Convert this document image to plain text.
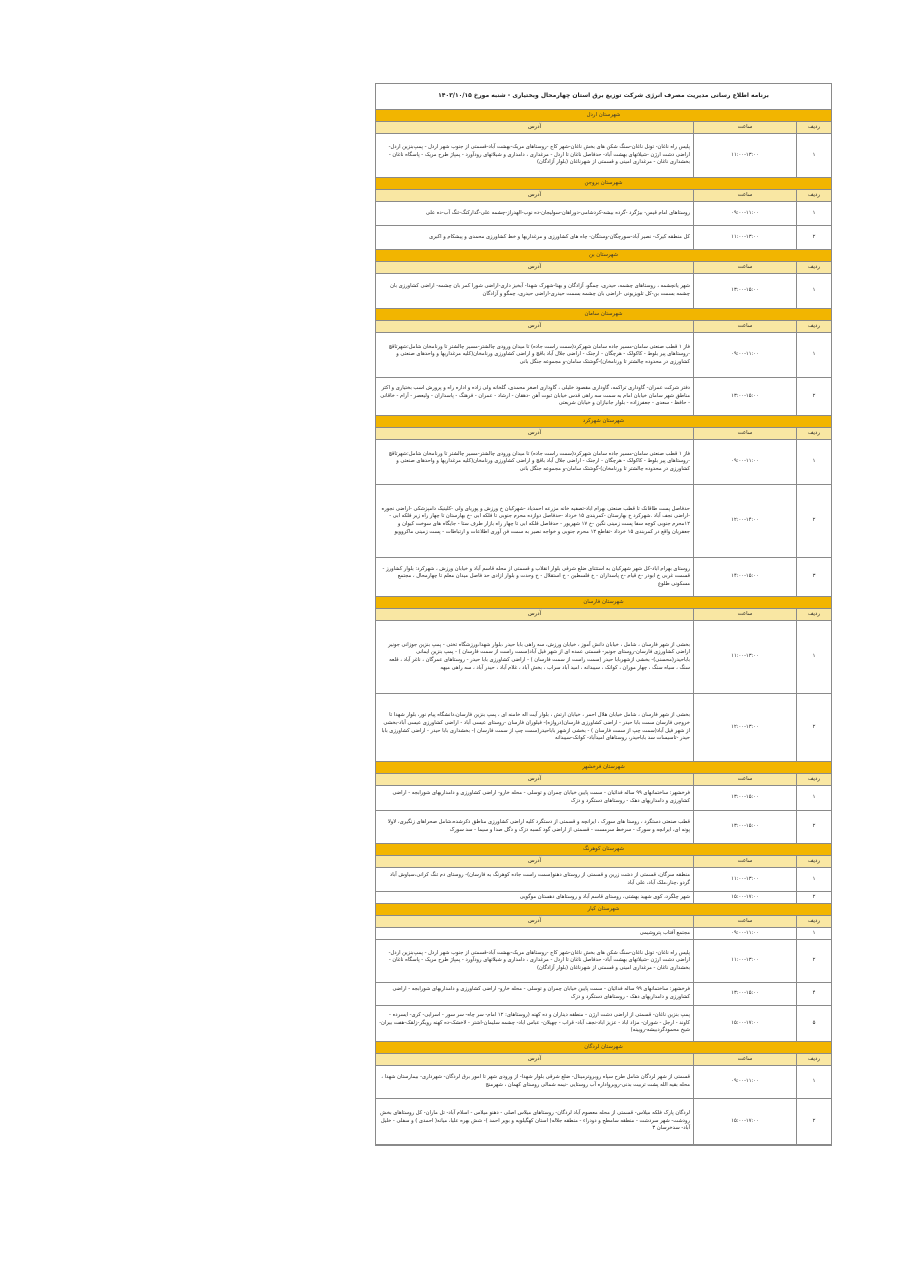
برنامه اطلاع رسانی مدیریت مصرف انرژی شرکت توزیع برق استان چهارمحال وبختیاری - شنبه مورخ ۱۴۰۳/۱۰/۱۵
شهرستان اردل
ردیف
ساعت
آدرس
۱
۱۱:۰۰-۱۳:۰۰
پلیس راه ناغان- تونل ناغان-سنگ شکن های بخش ناغان-شهر کاج -روستاهای مریک-بهشت آباد-قسمتی از جنوب شهر اردل - پمپ‌بنزین اردل- اراضی دشت ارژن -شیلاتهای بهشت آباد- حدفاصل ناغان تا اردل - مرغداری ، دامداری و شیلاتهای رودآورد - پمپاژ طرح مریک - پاسگاه ناغان - بخشداری ناغان - مرغداری امینی و قسمتی از شهرناغان (بلوار آزادگان)
شهرستان بروجن
ردیف
ساعت
آدرس
۱
۰۹:۰۰-۱۱:۰۰
روستاهای امام قیس- بیژگرد -گرده بیشه-کردشامی-دوراهان-سولیجان-ده نوب-الهدراز-چشمه علی-گدارکنگ-تنگ آب-ده علی
۲
۱۱:۰۰-۱۳:۰۰
کل منطقه کیرک- نصیر آباد-سورچگان-وستگان- چاه های کشاورزی و مرغداریها و خط کشاورزی محمدی و پیشکام و اکبری
شهرستان بن
ردیف
ساعت
آدرس
۱
۱۳:۰۰-۱۵:۰۰
شهر یانچشمه ، روستاهای چشمه، حیدری، چمگو، آزادگان و بهنا-شهرک شهدا- آبخیز داری-اراضی شورا کمر بان چشمه- اراضی کشاورزی بان چشمه بسمت بن-کل تلویزیونی -اراضی بان چشمه بسمت حیدری-اراضی حیدری، چمگو و آزادگان
شهرستان سامان
ردیف
ساعت
آدرس
۱
۰۹:۰۰-۱۱:۰۰
فاز ۱ قطب صنعتی سامان-مسیر جاده سامان شهرکرد(سمت راست جاده) تا میدان ورودی چالشتر-مسیر چالشتر تا ورنامخان شامل:شهرتاقچ -روستاهای پیر بلوط - کاکولک - هرچگان - ارجنک - اراضی جلال آباد باقچ و اراضی کشاورزی ورنامخان(کلیه مرغداریها و واحدهای صنعتی و کشاورزی در محدوده چالشتر تا ورنامخان)-گوشتک سامان-و مجموعه جنگل بانی
۲
۱۳:۰۰-۱۵:۰۰
دفتر شرکت عمران- گاوداری تراکمه، گاوداری مقصود خلیلی ، گاوداری اصغر محمدی، گلخانه ولی زاده و اداره راه و پرورش اسب بختیاری و اکثر مناطق شهر سامان خیابان امام به سمت سه راهی قدس خیابان ثبوت آهن -دهقان - ارشاد - عمران - فرهنگ - پاسداران - ولیعصر - آرام - خاقانی - حافظ - سعدی - جعفرزاده - بلوار جانبازان و خیابان شریعتی
شهرستان شهرکرد
ردیف
ساعت
آدرس
۱
۰۹:۰۰-۱۱:۰۰
فاز ۱ قطب صنعتی سامان-مسیر جاده سامان شهرکرد(سمت راست جاده) تا میدان ورودی چالشتر-مسیر چالشتر تا ورنامخان شامل:شهرتاقچ -روستاهای پیر بلوط - کاکولک - هرچگان - ارجنک - اراضی جلال آباد باقچ و اراضی کشاورزی ورنامخان(کلیه مرغداریها و واحدهای صنعتی و کشاورزی در محدوده چالشتر تا ورنامخان)-گوشتک سامان-و مجموعه جنگل بانی
۲
۱۲:۰۰-۱۴:۰۰
حدفاصل پست طاقانک تا قطب صنعتی بهرام اباد-تصفیه خانه مزرعه احمدیاد -شهرکیان خ ورزش و پوریای ولی -کلینیک دامپزشکی -اراضی نجوره -اراضی نجف آباد .شهرکرد خ بهارستان -کمربندی ۱۵ خرداد -حدفاصل دوازده محرم جنوبی تا فلکه ابی -خ بهارستان تا چهار راه زیر فلکه ابی - ۱۲محرم جنوبی کوچه سفا پست زمینی نگین -خ ۱۷ شهریور - حدفاصل فلکه ابی تا چهار راه بازار طرف ستا - جایگاه های سوخت کیوان و جعفریان واقع در کمربندی ۱۵ خرداد -تقاطع ۱۲ محرم جنوبی و خواجه نصیر به سمت فن آوری اطلاعات و ارتباطات - پست زمینی ماکروویو
۳
۱۴:۰۰-۱۵:۰۰
روستای بهرام اباد-کل شهر شهرکیان به استثنای ضلع شرقی بلوار انقلاب و قسمتی از محله قاسم آباد و خیابان ورزش ، شهرکرد: بلوار کشاورز - قسمت غربی خ ابوذر -خ قیام -خ پاسداران - خ فلسطین - خ استقلال - خ وحدت و بلوار ازادی حد فاصل میدان معلم تا چهارمحال ، مجتمع مسکونی طلوع
شهرستان فارسان
ردیف
ساعت
آدرس
۱
۱۱:۰۰-۱۳:۰۰
بخشی از شهر فارسان ، شامل ، خیابان دانش آموز ، خیابان ورزش، سه راهی بابا حیدر ،بلوار شهدا،ورزشگاه تختی - پمپ بنزین جوزانی جونیر اراضی کشاورزی فارسان-روستای جونیر- قسمتی عمده ای از شهر فیل آباد(سمت راست از سمت فارسان ) - پمپ بنزین ایمانی بابا‌حیدر(محسنی)- بخشی ازشهربابا حیدر (سمت راست از سمت فارسان ) - اراضی کشاورزی بابا حیدر - روستاهای عمرگان ، ناغر آباد ، قلعه سنگ ، سیاه سنگ ، چهار موران ، کوانک ، سیبدانه ، امید آباد سراب ، بخش آباد ، غلام آباد ، حیدر آباد ، سه راهی میهه
۲
۱۲:۰۰-۱۳:۰۰
بخشی از شهر فارسان ، شامل خیابان هلال احمر ، خیابان ارتش ، بلوار آیت اله خامنه ای ، پمپ بنزین فارسان،دانشگاه پیام نور، بلوار شهدا تا خروجی فارسان سمت بابا حیدر - اراضی کشاورزی فارسان(دروازه)- فیلوران فارسان -روستای عیسی آباد - اراضی کشاورزی عیسی آباد-بخشی از شهر فیل آباد(سمت چپ از سمت فارسان ) - بخشی ازشهر باباحیدر(سمت چپ از سمت فارسان )- بخشداری بابا حیدر - اراضی کشاورزی بابا حیدر -تاسیسات سد باباحیدر، روستاهای امیدآباد- کوانک-سیبدانه
شهرستان فرخشهر
ردیف
ساعت
آدرس
۱
۱۳:۰۰-۱۵:۰۰
فرخشهر: ساختمانهای ۹۹ ساله فدائیان - سمت پایین خیابان چمران و توسلی - محله خارو- اراضی کشاورزی و دامداریهای شورابجه - اراضی کشاورزی و دامداریهای دهک - روستاهای دستگرد و دزک
۲
۱۳:۰۰-۱۵:۰۰
قطب صنعتی دستگرد ، روستا های سورک ، ایرانچه و قسمتی از دستگرد کلیه اراضی کشاورزی مناطق ذکرشده،شامل صحراهای زنگیری، لاولا پونه ای، ایرانچه و سورک - سرخط سرمست - قسمتی از اراضی گود کسبه دزک و دگل صدا و سیما - سد سورک
شهرستان کوهرنگ
ردیف
ساعت
آدرس
۱
۱۱:۰۰-۱۳:۰۰
منطقه سرگان، قسمتی از دشت زرین و قسمتی از روستای دهنو(سمت راست جاده کوهرنگ به فارسان)- روستای دم تنگ کرانی،سیاوش آباد گردو ،چنار،ملک آباد، علی آباد
۲
۱۵:۰۰-۱۷:۰۰
شهر چلگرد، کوی شهید بهشتی، روستای قاسم آباد و روستاهای دهستان موگویی
شهرستان کیار
ردیف
ساعت
آدرس
۱
۰۹:۰۰-۱۱:۰۰
مجتمع آفتاب پتروشیمی
۲
۱۱:۰۰-۱۳:۰۰
پلیس راه ناغان- تونل ناغان-سنگ شکن های بخش ناغان-شهر کاج -روستاهای مریک-بهشت آباد-قسمتی از جنوب شهر اردل - پمپ‌بنزین اردل- اراضی دشت ارژن -شیلاتهای بهشت آباد- حدفاصل ناغان تا اردل - مرغداری ، دامداری و شیلاتهای رودآورد - پمپاژ طرح مریک - پاسگاه ناغان - بخشداری ناغان - مرغداری امینی و قسمتی از شهرناغان (بلوار آزادگان)
۴
۱۳:۰۰-۱۵:۰۰
فرخشهر: ساختمانهای ۹۹ ساله فدائیان - سمت پایین خیابان چمران و توسلی - محله خارو- اراضی کشاورزی و دامداریهای شورابجه - اراضی کشاورزی و دامداریهای دهک - روستاهای دستگرد و دزک
۵
۱۵:۰۰-۱۷:۰۰
پمپ بنزین ناغان- قسمتی از اراضی دشت ارژن - منطقه دیناران و ده کهنه (روستاهای: ۱۲ امام- سر چاه- سر سور - اسرایی- کری- ایسرده - کاوند - ارجل - شوران- مزاد اباد - عزیز اباد-نجف آباد- قراب - چهیلان- عباس اباد- چشمه سلیمان-اشتر - لاخشک-ده کهنه رویگر-زلقک-هفت بیران-شیخ محمودگردبیشه-رویینه)
شهرستان لردگان
ردیف
ساعت
آدرس
۱
۰۹:۰۰-۱۱:۰۰
قسمتی از شهر لردگان شامل طرح سپاه روبروترمینال- ضلع شرقی بلوار شهدا- از ورودی شهر تا امور برق لردگان- شهرداری- بیمارستان شهدا ، محله بقیه الله پشت تربیت بدنی-روبرواداره آب روستایی -نیمه شمالی روستای کهمان ، شهرمنج
۲
۱۵:۰۰-۱۷:۰۰
لردگان پارک فلکه میلاس- قسمتی از محله معصوم آباد لردگان- روستاهای میلاس اصلی - دهنو میلاس - اسلام آباد- تل ماران- کل روستاهای بخش رودشت- شهر سردشت - منطقه سامطح و دودراء - منطقه جلاله( استان کهگیلویه و بویر احمد )- شش بهره علیا، میانه( احمدی ) و سفلی - خلیل آباد- سدخرسان ۳
